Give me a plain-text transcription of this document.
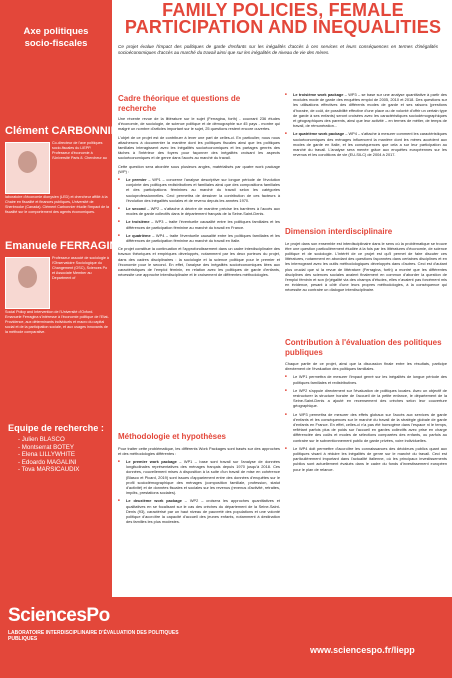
Axe politiques
socio-fiscales
Clément CARBONNIER
Co-directeur de l'axe politiques socio-fiscales du LIEPP. Professeur d'économie à l'Université Paris 8. Chercheur au
laboratoire d'économie dionysien (LED) et chercheur affilié à la Chaire en fiscalité et finances publiques, Université de Sherbrooke (Canada). Clément Carbonnier étudie l'impact de la fiscalité sur le comportement des agents économiques.
Emanuele FERRAGINA
Professeur associé de sociologie à l'Observatoire Sociologique du Changement (OSC), Sciences Po et Associate Member au Department of
Social Policy and Intervention de l'Université d'Oxford. Emanuele Ferragina s'intéresse à l'économie politique de l'Etat-Providence, aux déterminants individuels et macro du capital social et de la participation sociale, et aux usages innovants de la méthode comparative.
Equipe de recherche :
- Julien BLASCO
- Montserrat BOTEY
- Elena LILLYWHITE
- Edoardo MAGALINI
- Tova MARSICAUDIX
FAMILY POLICIES, FEMALE
PARTICIPATION AND INEQUALITIES
Ce projet évalue l'impact des politiques de garde d'enfants sur les inégalités d'accès à ces services et leurs conséquences en termes d'inégalités socioéconomiques d'accès au marché du travail ainsi que sur les inégalités de niveau de vie des mères.
Cadre théorique et questions de recherche

Une récente revue de la littérature sur le sujet (Ferragina, forth) - couvrant 236 études d'économie, de sociologie, de science politique et de démographie sur 45 pays - montre qui malgré un nombre d'articles important sur le sujet, 25 questions restent encore ouvertes.

L'objet de ce projet est de contribuer à lever une part de celles-ci. En particulier, nous nous attacherons à documenter la manière dont les politiques fiscales ainsi que les politiques familiales interagissent avec les inégalités socioéconomiques et les partages genrés des tâches à l'intérieur des foyers pour façonner des inégalités croisant les aspects socioéconomiques et de genre dans l'accès au marché du travail.

Cette question sera abordée sous plusieurs angles, matérialisés par quatre work package (WP) :

■ Le premier – WP1 – concerne l'analyse descriptive sur longue période de l'évolution conjointe des politiques redistributives et familiales ainsi que des compositions familiales et des participations féminines au marché du travail selon les catégories socioprofessionnelles. Ceci permettra de dessiner la contribution de ces facteurs à l'évolution des inégalités sociales et de revenu depuis les années 1970.
■ Le second – WP2 – s'attache à décrire de manière précise les barrières à l'accès aux modes de garde collectifs dans le département français de la Seine-Saint-Denis.
■ Le troisième – WP3 – traite l'éventuelle causalité entre les politiques familiales et les différences de participation féminine au marché du travail en France.
■ Le quatrième – WP4 – traite l'éventuelle causalité entre les politiques familiales et les différences de participation féminine au marché du travail en Italie.

Ce projet constitue la continuation et l'approfondissement dans un cadre interdisciplinaire des travaux théoriques et empiriques développés, notamment par les deux porteurs du projet, dans des cadres disciplinaires : la sociologie et la science politique pour le premier et l'économie pour le second. En effet, l'analyse des inégalités socioéconomiques liées aux caractéristiques de l'emploi féminin, en relation avec les politiques de garde d'enfants, nécessite une approche interdisciplinaire et le croisement de différentes méthodologies.

Méthodologie et hypothèses

Pour traiter cette problématique, les différents Work Packages sont basés sur des approches et des méthodologies différentes :

■ Le premier work package – WP1 – base sont travail sur l'analyse de données longitudinales représentatives des ménages français depuis 1970 jusqu'à 2018. Ces données, nouvellement mises à disposition à la suite d'un travail de mise en cohérence (Blasco et Picard, 2019) sont issues d'appariement entre des données d'enquêtes sur le profil sociodémographique des ménages (composition familiale, profession, statut d'activité) et de données fiscales et sociales sur les revenus (revenus d'activité, retraites, impôts, prestations sociales).
■ Le deuxième work package – WP2 – croisera les approches quantitatives et qualitatives en se focalisant sur le cas des crèches du département de la Seine-Saint-Denis (93), caractérisé par un haut niveau de pauvreté des populations et une volonté politique d'accroître la capacité d'accueil des jeunes enfants, notamment à destination des familles les plus modestes.
■ Le troisième work package – WP3 – se base sur une analyse quantitative à partir des modules mode de garde des enquêtes emploi de 2005, 2010 et 2018. Des questions sur les utilisations effectives des différents modes de garde et ses raisons (prestions d'horaire, de coût, de possibilité effective d'une place ou de volonté d'offrir un certain type de garde à ses enfants) seront croisées avec les caractéristiques sociodémographiques et géographiques des parents, ainsi que leur activité – en termes de métier, de temps de travail, de rémunération...
■ Le quatrième work package – WP4 – s'attache à mesurer comment les caractéristiques socioéconomiques des ménages influencent la manière dont les mères accèdent aux modes de garde en Italie, et les conséquences que cela a sur leur participation au marché du travail. L'analyse sera menée grâce aux enquêtes européennes sur les revenus et les conditions de vie (EU-SILC) de 2004 à 2017.
Dimension interdisciplinaire

Le projet dans son ensemble est interdisciplinaire dans le sens où la problématique se trouve être une question particulièrement étudiée à la fois par les littératures d'économie, de science politique et de sociologie. L'intérêt de ce projet est qu'il permet de faire discuter ces littératures, notamment en abordant des questions façonnées dans certaines disciplines et en les interrogeant avec les outils méthodologiques développés dans d'autres. Ceci est d'autant plus crucial que si la revue de littérature (Ferragina, forth) a montré que les différentes disciplines des sciences sociales avaient finalement en commun d'aborder la question de l'emploi féminin et son (in)égalité via des champs d'études, elles n'avaient pas forcément mis en évidence, pesant à côté d'une leurs propres méthodologies, à la conséquence qui nécessite au contraire un dialogue interdisciplinaire.

Contribution à l'évaluation des politiques publiques

Chaque partie de ce projet, ainsi que la discussion finale entre les résultats, participe directement de l'évaluation des politiques familiales.

■ Le WP1 permettra de mesurer l'impact genré sur les inégalités de longue période des politiques familiales et redistributives.
■ Le WP2 s'appuie directement sur l'évaluation de politiques locales. Avec un objectif de restructurer la structure horaire de l'accueil de la petite enfance, le département de la Seine-Saint-Denis a ajouté en recensement des crèches selon leur couverture géographique.
■ Le WP3 permettra de mesurer des effets globaux sur l'accès aux services de garde d'enfants et les conséquences sur le marché du travail de la stratégie globale de garde d'enfants en France. En effet, celles-ci n'a pas été homogène dans l'espace ni le temps, reflétant parfois plus de poids sur l'accueil en gardes collectifs avec prise en charge différenciée des coûts et modes de sélections comparées des enfants, ou parfois au contraire sur le subventionnement public de garde privées, voire individuelles.
■ Le WP4 doit permettre d'accroître les connaissances des décideurs publics quant aux politiques visant à réduire les inégalités de genre sur le marché du travail. Ceci est particulièrement important dans l'actualité italienne, où les principaux investissements publics sont actuellement évalués dans le cadre du fonds d'investissement européen pour le plan de relance.
SciencesPo
LABORATOIRE INTERDISCIPLINAIRE D'ÉVALUATION DES POLITIQUES PUBLIQUES
www.sciencespo.fr/liepp
